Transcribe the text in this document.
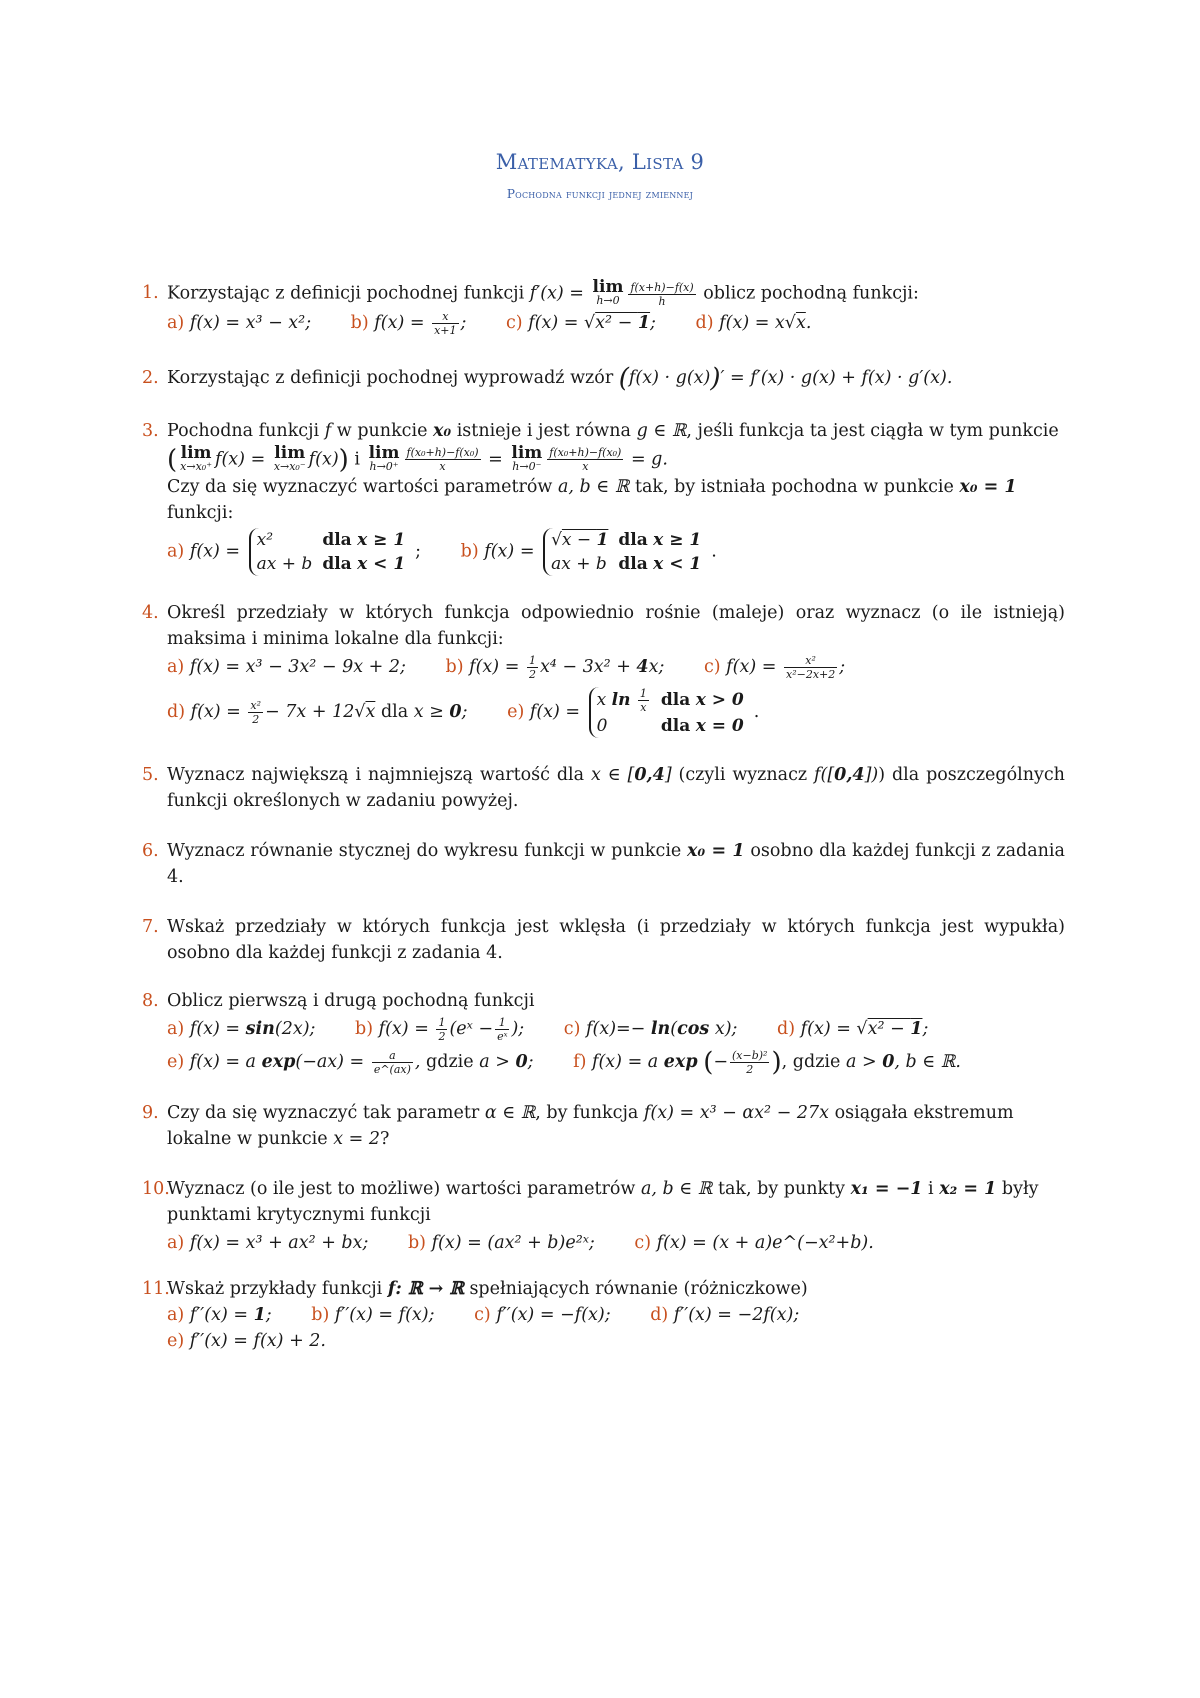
Matematyka, Lista 9
Pochodna funkcji jednej zmiennej
1. Korzystając z definicji pochodnej funkcji f′(x) = lim
$h\to 0 \frac{f(x+h)-f(x)}{h}$ oblicz pochodną funkcji:
a) f(x) = x³ − x²; b) $f(x) = \frac{x}{x+1}$ ; c) f(x) = √x² − 1; d) f(x) = x√x.
2. Korzystając z definicji pochodnej wyprowadź wzór (f(x) · g(x))′ = f′(x) · g(x) + f(x) · g′(x).
3. Pochodna funkcji f w punkcie x₀ istnieje i jest równa g ∈ ℝ, jeśli funkcja ta jest ciągła w tym punkcie
( lim
x→x₀⁺ f(x) = lim
x→x₀⁻ f(x)) i lim
$h\to 0^+ \frac{\text{f(x₀+h)−f(x₀)}}{x} = \lim$
$h\to 0^- \frac{\text{f(x₀+h)−f(x₀)}}{x} = g$.
Czy da się wyznaczyć wartości parametrów a, b ∈ ℝ tak, by istniała pochodna w punkcie x₀ = 1
funkcji:
a) f(x) =
x²	dla x ≥ 1
ax + b	dla x < 1
; b) f(x) =
√x − 1	dla x ≥ 1
ax + b	dla x < 1
.
4. Określ przedziały w których funkcja odpowiednio rośnie (maleje) oraz wyznacz (o ile istnieją) maksima i minima lokalne dla funkcji:
a) f(x) = x³ − 3x² − 9x + 2; b) $f(x) = \frac{1}{2} x^4 - 3x^2 + 4x$; c) $f(x) = \frac{\text{x²}}{\text{x²−2x+2}}$ ;
d) $f(x) = \frac{\text{x²}}{2} - 7x + 12√x$ dla x ≥ 0; e) f(x) =
x $\ln \frac{1}{x}$	dla x > 0
0	dla x = 0
.
5. Wyznacz największą i najmniejszą wartość dla x ∈ [0,4] (czyli wyznacz f([0,4])) dla poszczególnych funkcji określonych w zadaniu powyżej.
6. Wyznacz równanie stycznej do wykresu funkcji w punkcie x₀ = 1 osobno dla każdej funkcji z zadania 4.
7. Wskaż przedziały w których funkcja jest wklęsła (i przedziały w których funkcja jest wypukła) osobno dla każdej funkcji z zadania 4.
8. Oblicz pierwszą i drugą pochodną funkcji
a) f(x) = sin(2x); b) $f(x) = \frac{1}{2}$ (eˣ − $\frac{1}{\text{eˣ}}$ ); c) f(x)=− ln(cos x); d) f(x) = √x² − 1;
e) f(x) = a $\exp(-ax) = \frac{a}{e\^{}(ax)}$ , gdzie a > 0; f) f(x) = a exp (− $\frac{\text{(x−b)²}}{2}$ ), gdzie a > 0, b ∈ ℝ.
9. Czy da się wyznaczyć tak parametr α ∈ ℝ, by funkcja f(x) = x³ − αx² − 27x osiągała ekstremum lokalne w punkcie x = 2?
10.
Wyznacz (o ile jest to możliwe) wartości parametrów a, b ∈ ℝ tak, by punkty x₁ = −1 i x₂ = 1 były punktami krytycznymi funkcji
a) f(x) = x³ + ax² + bx; b) f(x) = (ax² + b)e²ˣ; c) f(x) = (x + a)e^(−x²+b).
11.
Wskaż przykłady funkcji f: ℝ → ℝ spełniających równanie (różniczkowe)
a) f′′(x) = 1; b) f′′(x) = f(x); c) f′′(x) = −f(x); d) f′′(x) = −2f(x);
e) f′′(x) = f(x) + 2.
